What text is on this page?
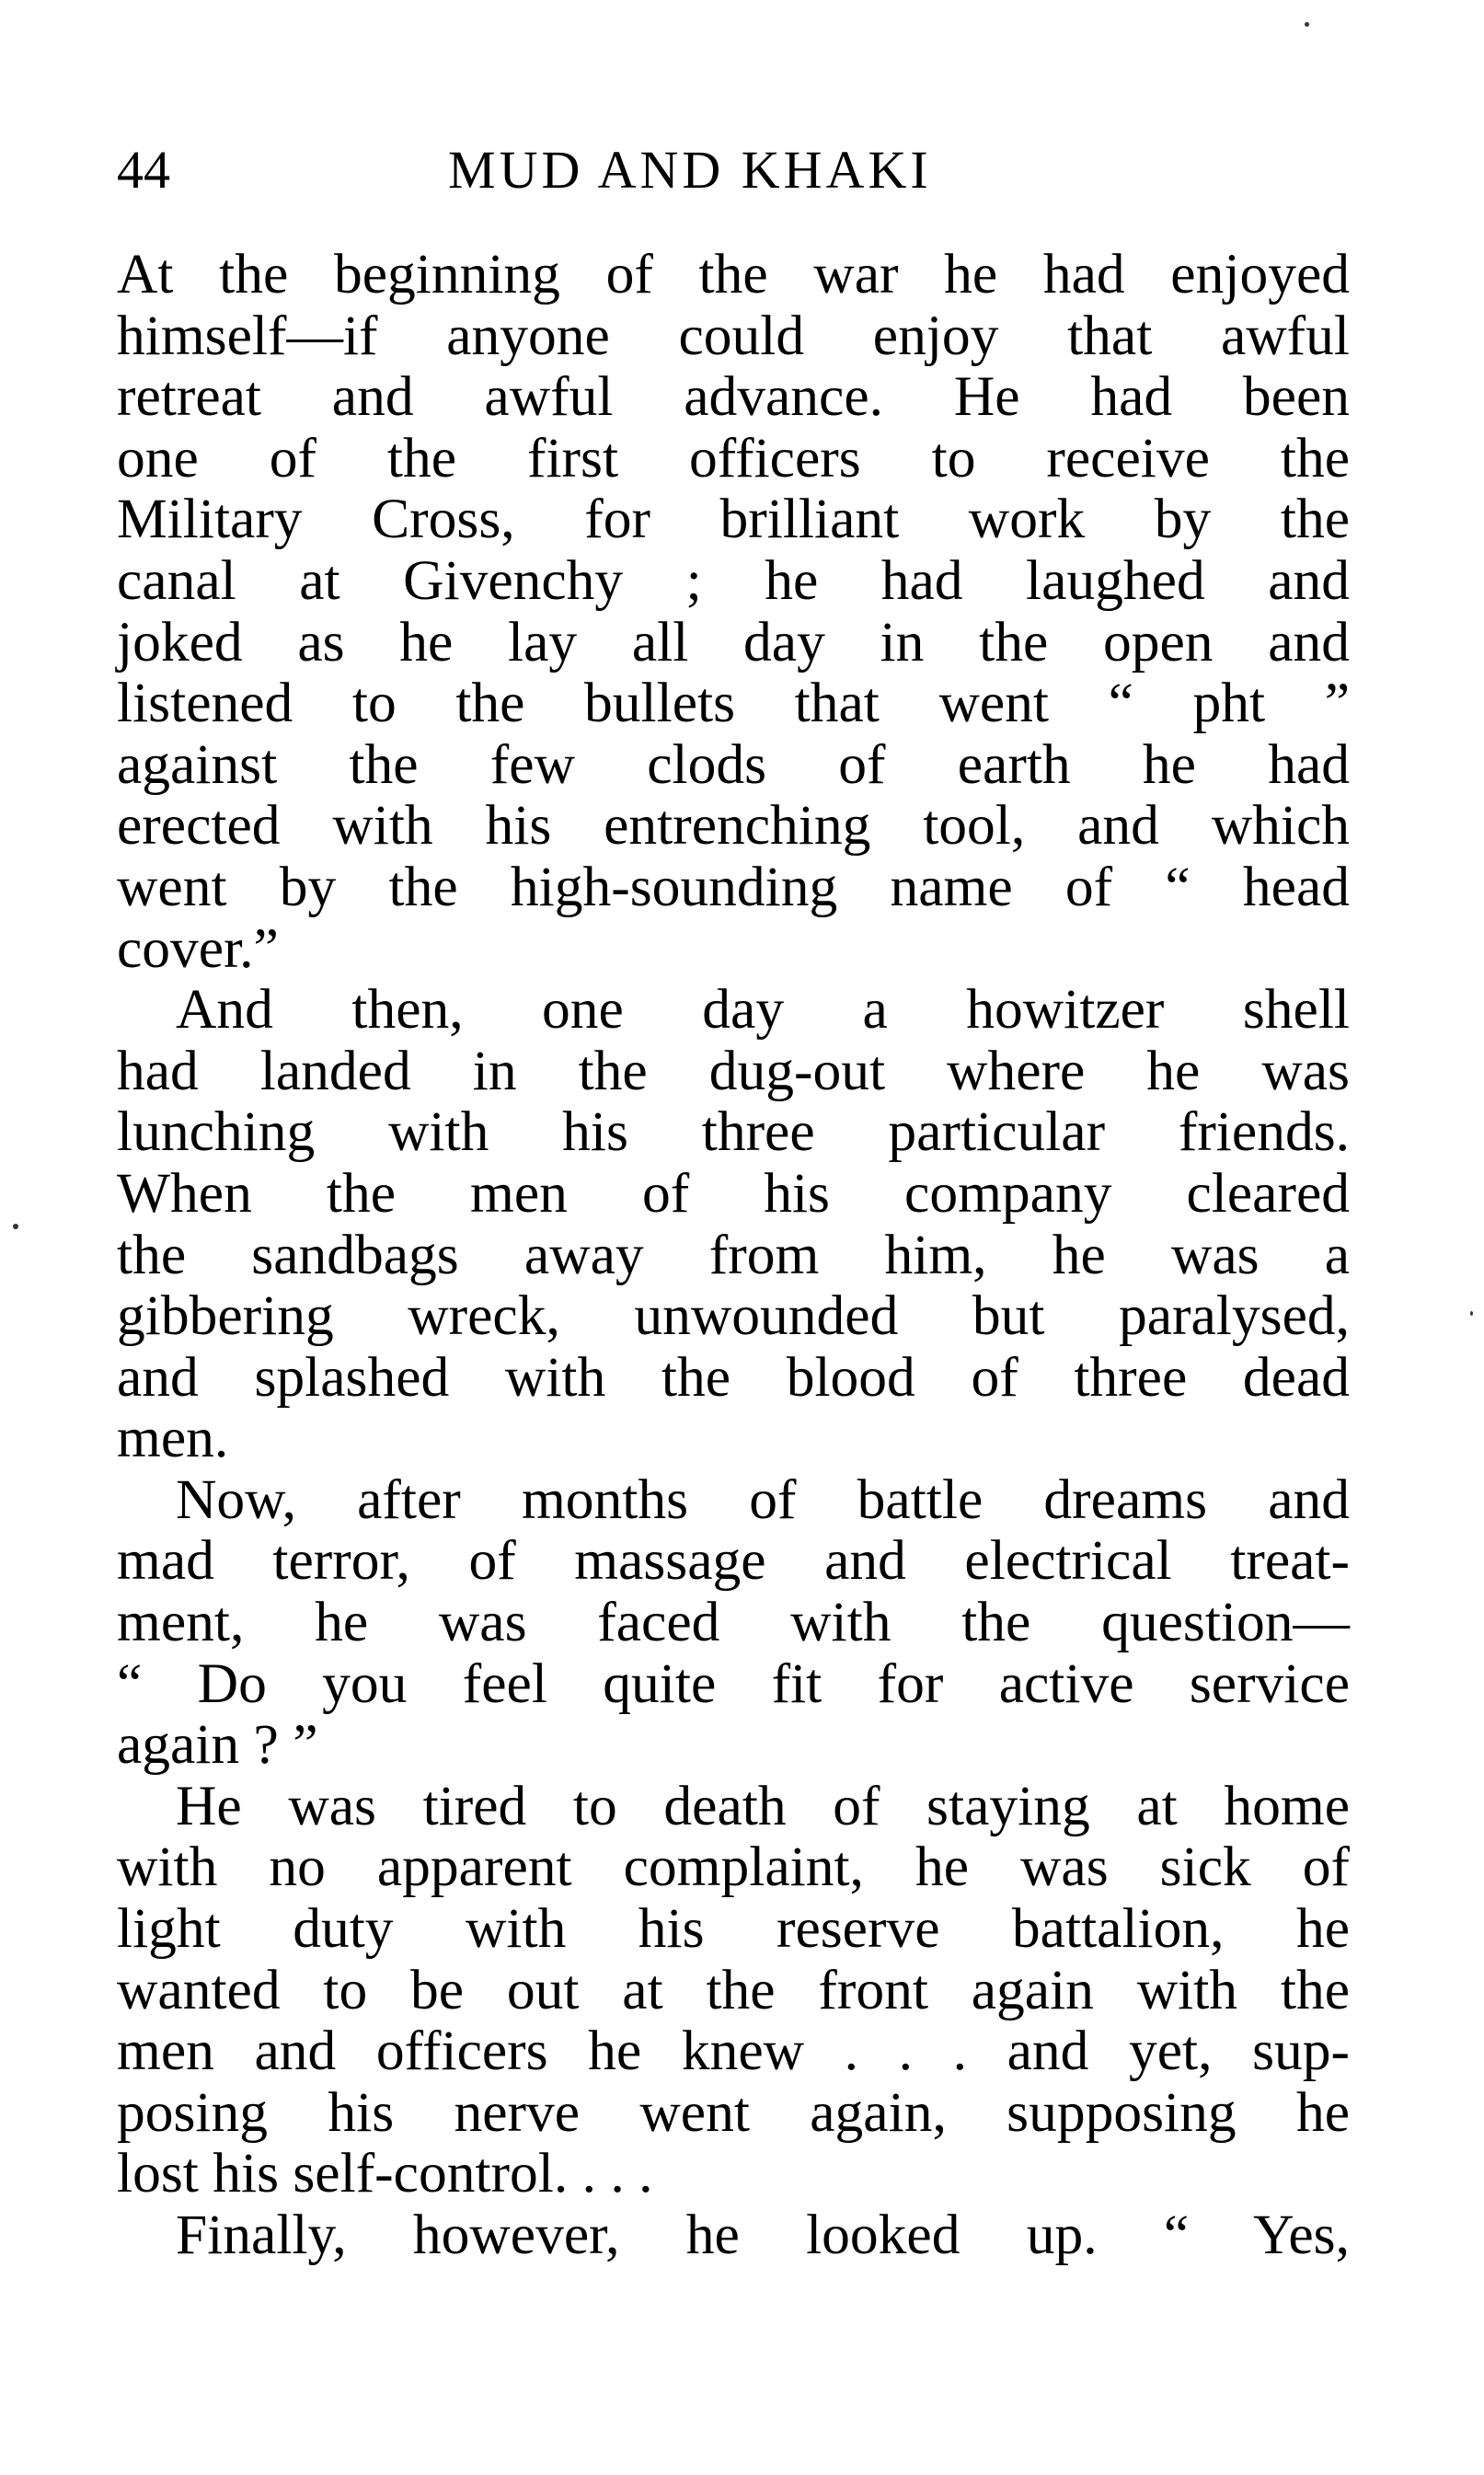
44	MUD AND KHAKI
At the beginning of the war he had enjoyed
himself—if anyone could enjoy that awful
retreat and awful advance. He had been
one of the first officers to receive the
Military Cross, for brilliant work by the
canal at Givenchy ; he had laughed and
joked as he lay all day in the open and
listened to the bullets that went “ pht ”
against the few clods of earth he had
erected with his entrenching tool, and which
went by the high-sounding name of “ head
cover.”
And then, one day a howitzer shell
had landed in the dug-out where he was
lunching with his three particular friends.
When the men of his company cleared
the sandbags away from him, he was a
gibbering wreck, unwounded but paralysed,
and splashed with the blood of three dead
men.
Now, after months of battle dreams and
mad terror, of massage and electrical treat-
ment, he was faced with the question—
“ Do you feel quite fit for active service
again ? ”
He was tired to death of staying at home
with no apparent complaint, he was sick of
light duty with his reserve battalion, he
wanted to be out at the front again with the
men and officers he knew . . . and yet, sup-
posing his nerve went again, supposing he
lost his self-control. . . .
Finally, however, he looked up. “ Yes,
